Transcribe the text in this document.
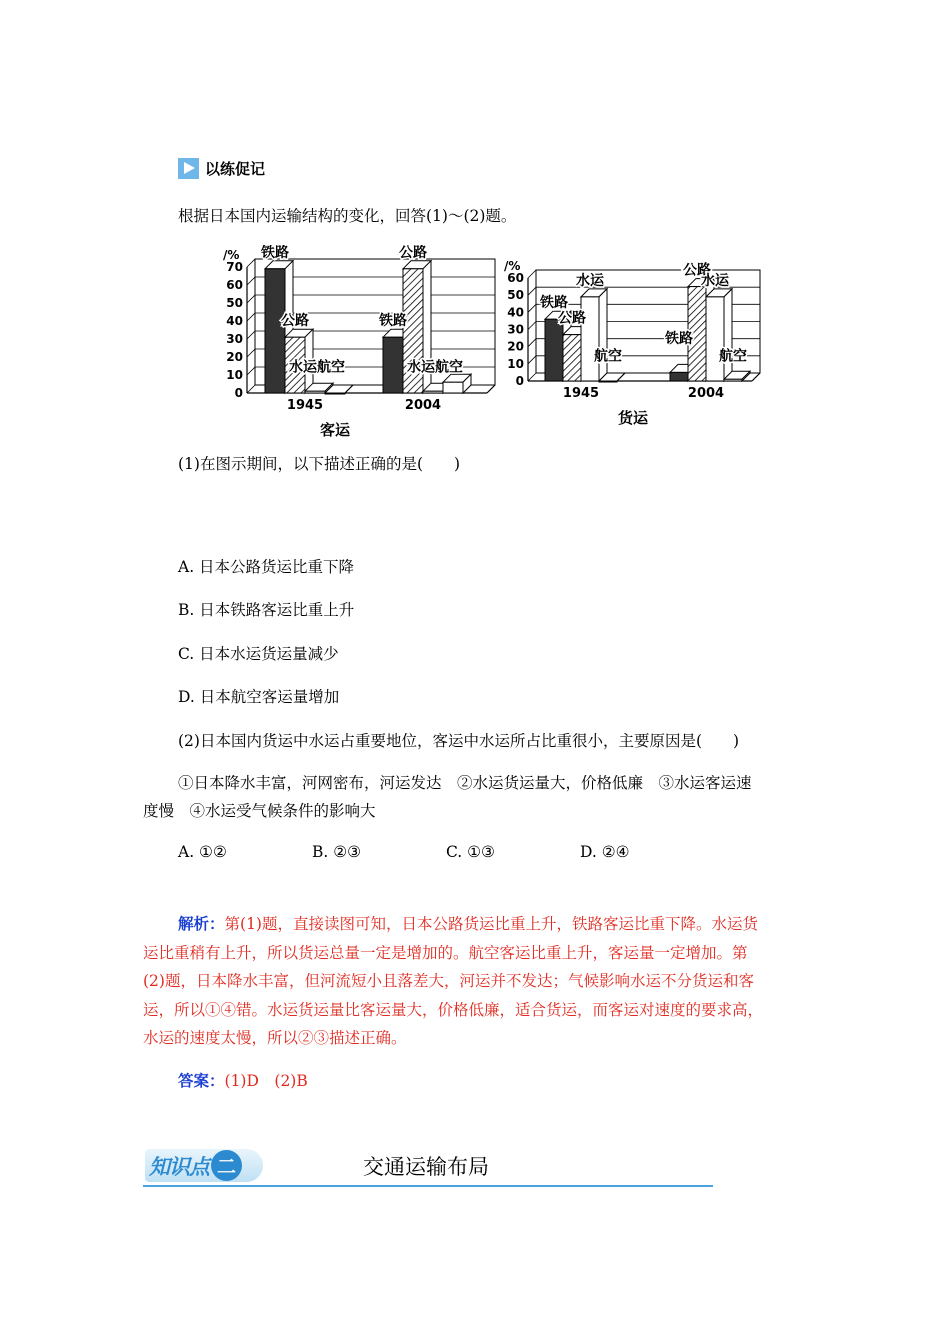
以练促记
根据日本国内运输结构的变化，回答(1)～(2)题。
0
10
20
30
40
50
60
70
/%
1945	2004
铁路
公路
水运航空
公路
铁路
水运航空
客运
0
10
20
30
40
50
60
/%
1945	2004
公路
水运
铁路
航空
公路
水运
铁路
航空
货运
(1)在图示期间，以下描述正确的是(　　)
A. 日本公路货运比重下降
B. 日本铁路客运比重上升
C. 日本水运货运量减少
D. 日本航空客运量增加
(2)日本国内货运中水运占重要地位，客运中水运所占比重很小，主要原因是(　　)
①日本降水丰富，河网密布，河运发达　②水运货运量大，价格低廉　③水运客运速
度慢　④水运受气候条件的影响大
A. ①②	B. ②③	C. ①③	D. ②④
解析：第(1)题，直接读图可知，日本公路货运比重上升，铁路客运比重下降。水运货
运比重稍有上升，所以货运总量一定是增加的。航空客运比重上升，客运量一定增加。第
(2)题，日本降水丰富，但河流短小且落差大，河运并不发达；气候影响水运不分货运和客
运，所以①④错。水运货运量比客运量大，价格低廉，适合货运，而客运对速度的要求高，
水运的速度太慢，所以②③描述正确。
答案：(1)D　(2)B
知识点 二	交通运输布局
